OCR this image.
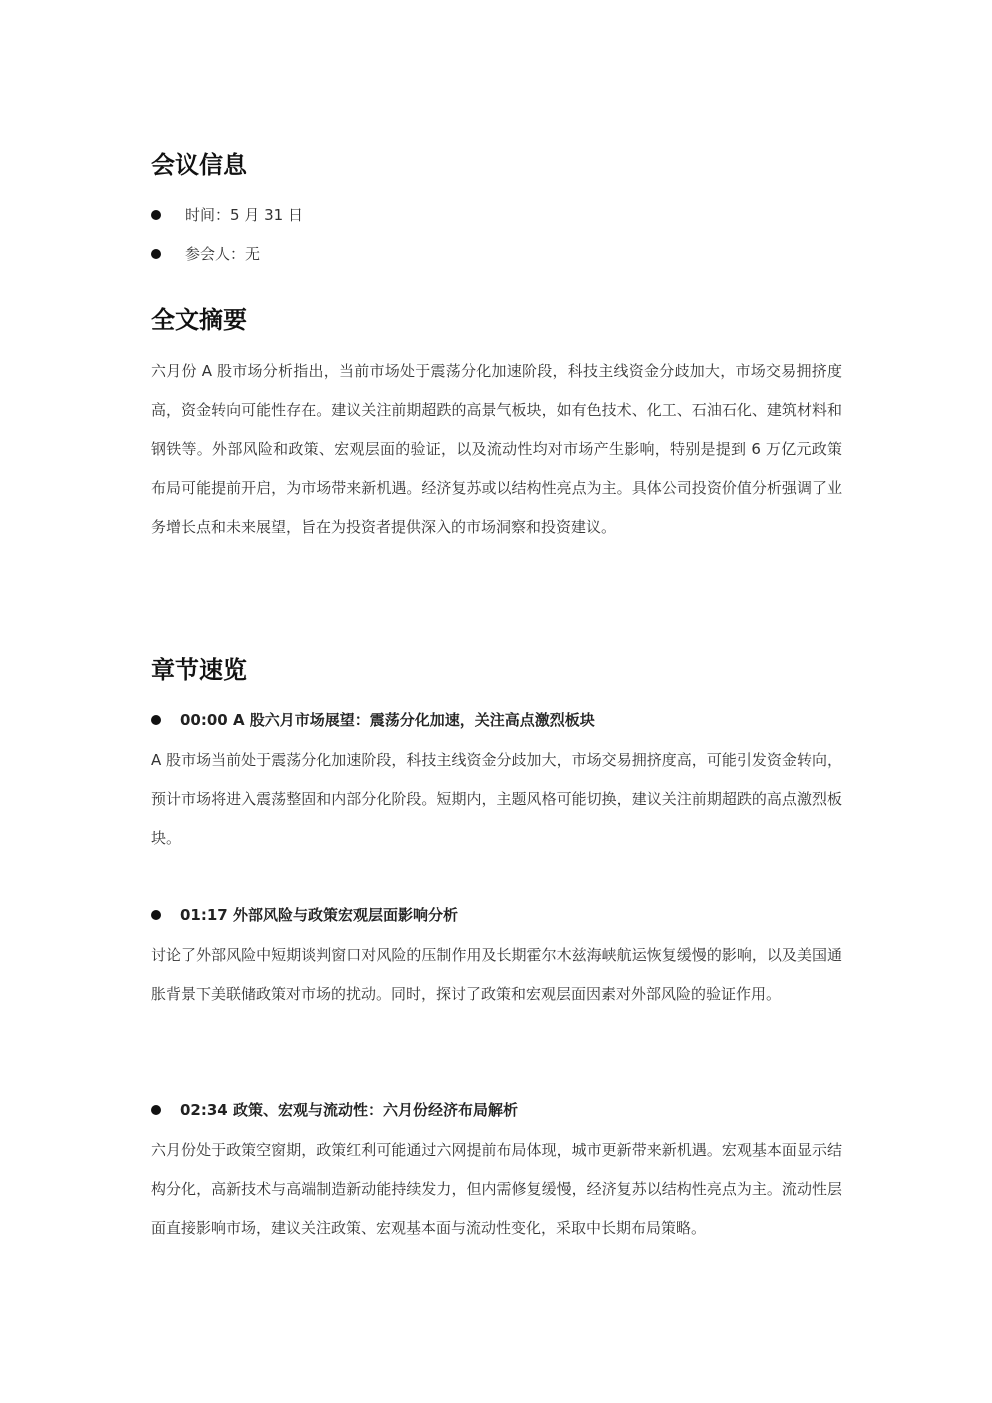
会议信息
时间：5 月 31 日
参会人：无
全文摘要

六月份 A 股市场分析指出，当前市场处于震荡分化加速阶段，科技主线资金分歧加大，市场交易拥挤度高，资金转向可能性存在。建议关注前期超跌的高景气板块，如有色技术、化工、石油石化、建筑材料和钢铁等。外部风险和政策、宏观层面的验证，以及流动性均对市场产生影响，特别是提到 6 万亿元政策布局可能提前开启，为市场带来新机遇。经济复苏或以结构性亮点为主。具体公司投资价值分析强调了业务增长点和未来展望，旨在为投资者提供深入的市场洞察和投资建议。

章节速览
00:00 A 股六月市场展望：震荡分化加速，关注高点激烈板块

A 股市场当前处于震荡分化加速阶段，科技主线资金分歧加大，市场交易拥挤度高，可能引发资金转向，预计市场将进入震荡整固和内部分化阶段。短期内，主题风格可能切换，建议关注前期超跌的高点激烈板块。

01:17 外部风险与政策宏观层面影响分析

讨论了外部风险中短期谈判窗口对风险的压制作用及长期霍尔木兹海峡航运恢复缓慢的影响，以及美国通胀背景下美联储政策对市场的扰动。同时，探讨了政策和宏观层面因素对外部风险的验证作用。

02:34 政策、宏观与流动性：六月份经济布局解析

六月份处于政策空窗期，政策红利可能通过六网提前布局体现，城市更新带来新机遇。宏观基本面显示结构分化，高新技术与高端制造新动能持续发力，但内需修复缓慢，经济复苏以结构性亮点为主。流动性层面直接影响市场，建议关注政策、宏观基本面与流动性变化，采取中长期布局策略。
